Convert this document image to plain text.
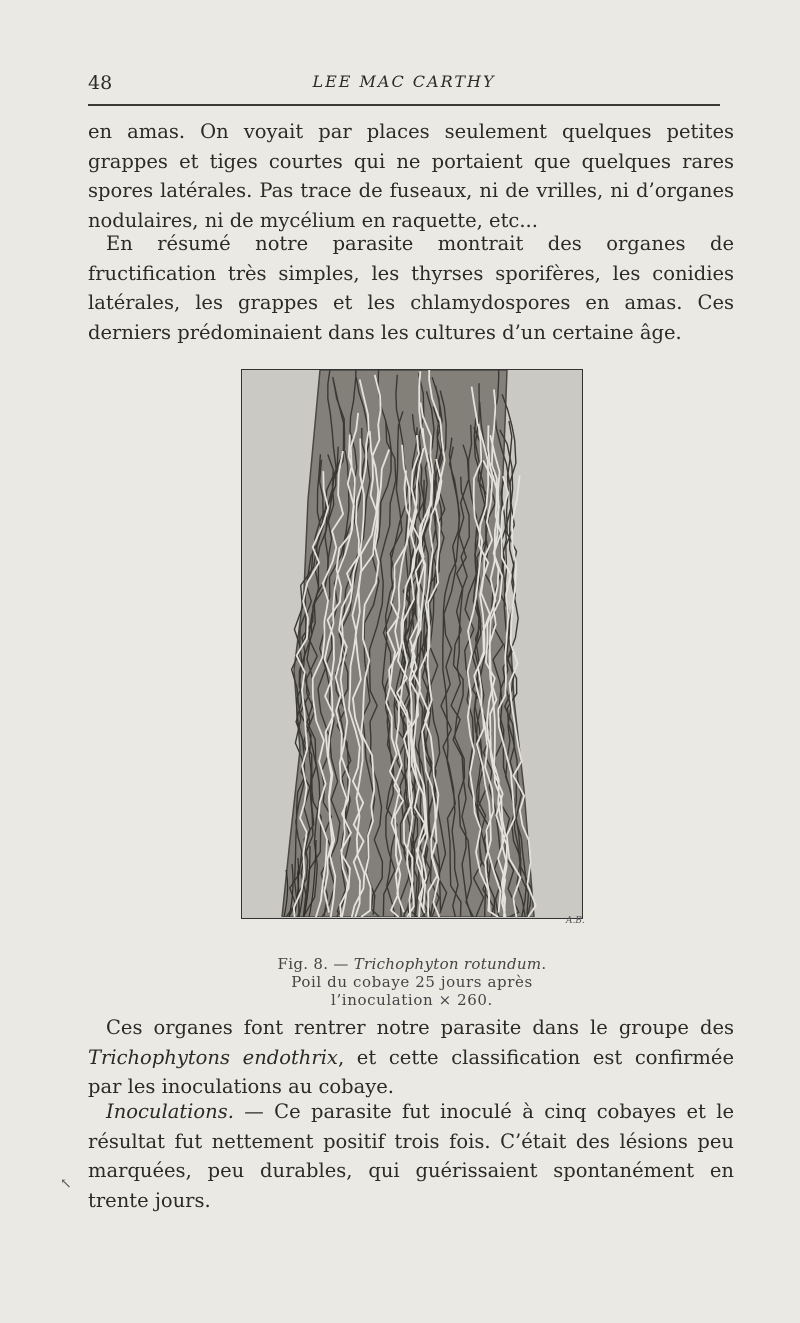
48	LEE MAC CARTHY

en amas. On voyait par places seulement quelques petites grappes et tiges courtes qui ne portaient que quelques rares spores latérales. Pas trace de fuseaux, ni de vrilles, ni d’organes nodulaires, ni de mycélium en raquette, etc...

En résumé notre parasite montrait des organes de fructification très simples, les thyrses sporifères, les conidies latérales, les grappes et les chlamydospores en amas. Ces derniers prédominaient dans les cultures d’un certaine âge.

A.B.
Fig. 8. — Trichophyton rotundum.
Poil du cobaye 25 jours après l’inoculation × 260.

Ces organes font rentrer notre parasite dans le groupe des Trichophytons endothrix, et cette classification est confirmée par les inoculations au cobaye.

Inoculations. — Ce parasite fut inoculé à cinq cobayes et le résultat fut nettement positif trois fois. C’était des lésions peu marquées, peu durables, qui guérissaient spontanément en trente jours.

↖
